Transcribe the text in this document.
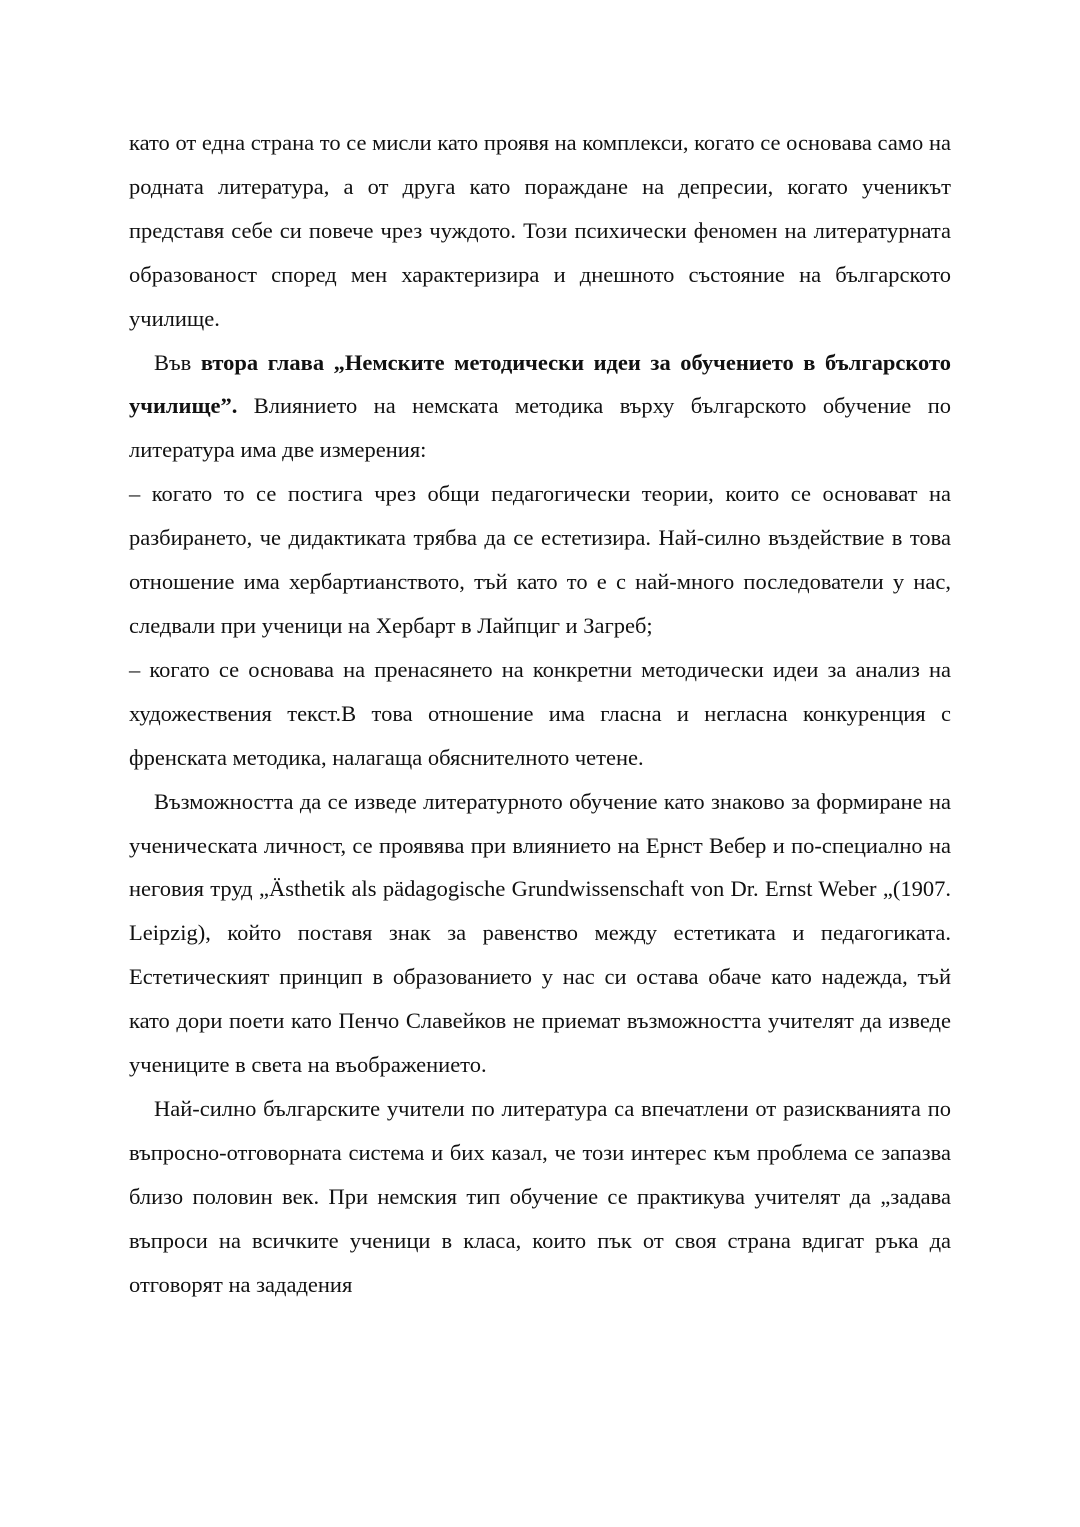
като от една страна то се мисли като проявя на комплекси, когато се основава само на родната литература, а от друга като пораждане на депресии, когато ученикът представя себе си повече чрез чуждото. Този психически феномен на литературната образованост според мен характеризира и днешното състояние на българското училище.

Във втора глава „Немските методически идеи за обучението в българското училище”. Влиянието на немската методика върху българското обучение по литература има две измерения:

– когато то се постига чрез общи педагогически теории, които се основават на разбирането, че дидактиката трябва да се естетизира. Най-силно въздействие в това отношение има хербартианството, тъй като то е с най-много последователи у нас, следвали при ученици на Хербарт в Лайпциг и Загреб;

– когато се основава на пренасянето на конкретни методически идеи за анализ на художествения текст.В това отношение има гласна и негласна конкуренция с френската методика, налагаща обяснителното четене.

Възможността да се изведе литературното обучение като знаково за формиране на ученическата личност, се проявява при влиянието на Ернст Вебер и по-специално на неговия труд „Ästhetik als pädagogische Grundwissenschaft von Dr. Ernst Weber „(1907. Leipzig), който поставя знак за равенство между естетиката и педагогиката. Естетическият принцип в образованието у нас си остава обаче като надежда, тъй като дори поети като Пенчо Славейков не приемат възможността учителят да изведе учениците в света на въображението.

Най-силно българските учители по литература са впечатлени от разискванията по въпросно-отговорната система и бих казал, че този интерес към проблема се запазва близо половин век. При немския тип обучение се практикува учителят да „задава въпроси на всичките ученици в класа, които пък от своя страна вдигат ръка да отговорят на зададения
